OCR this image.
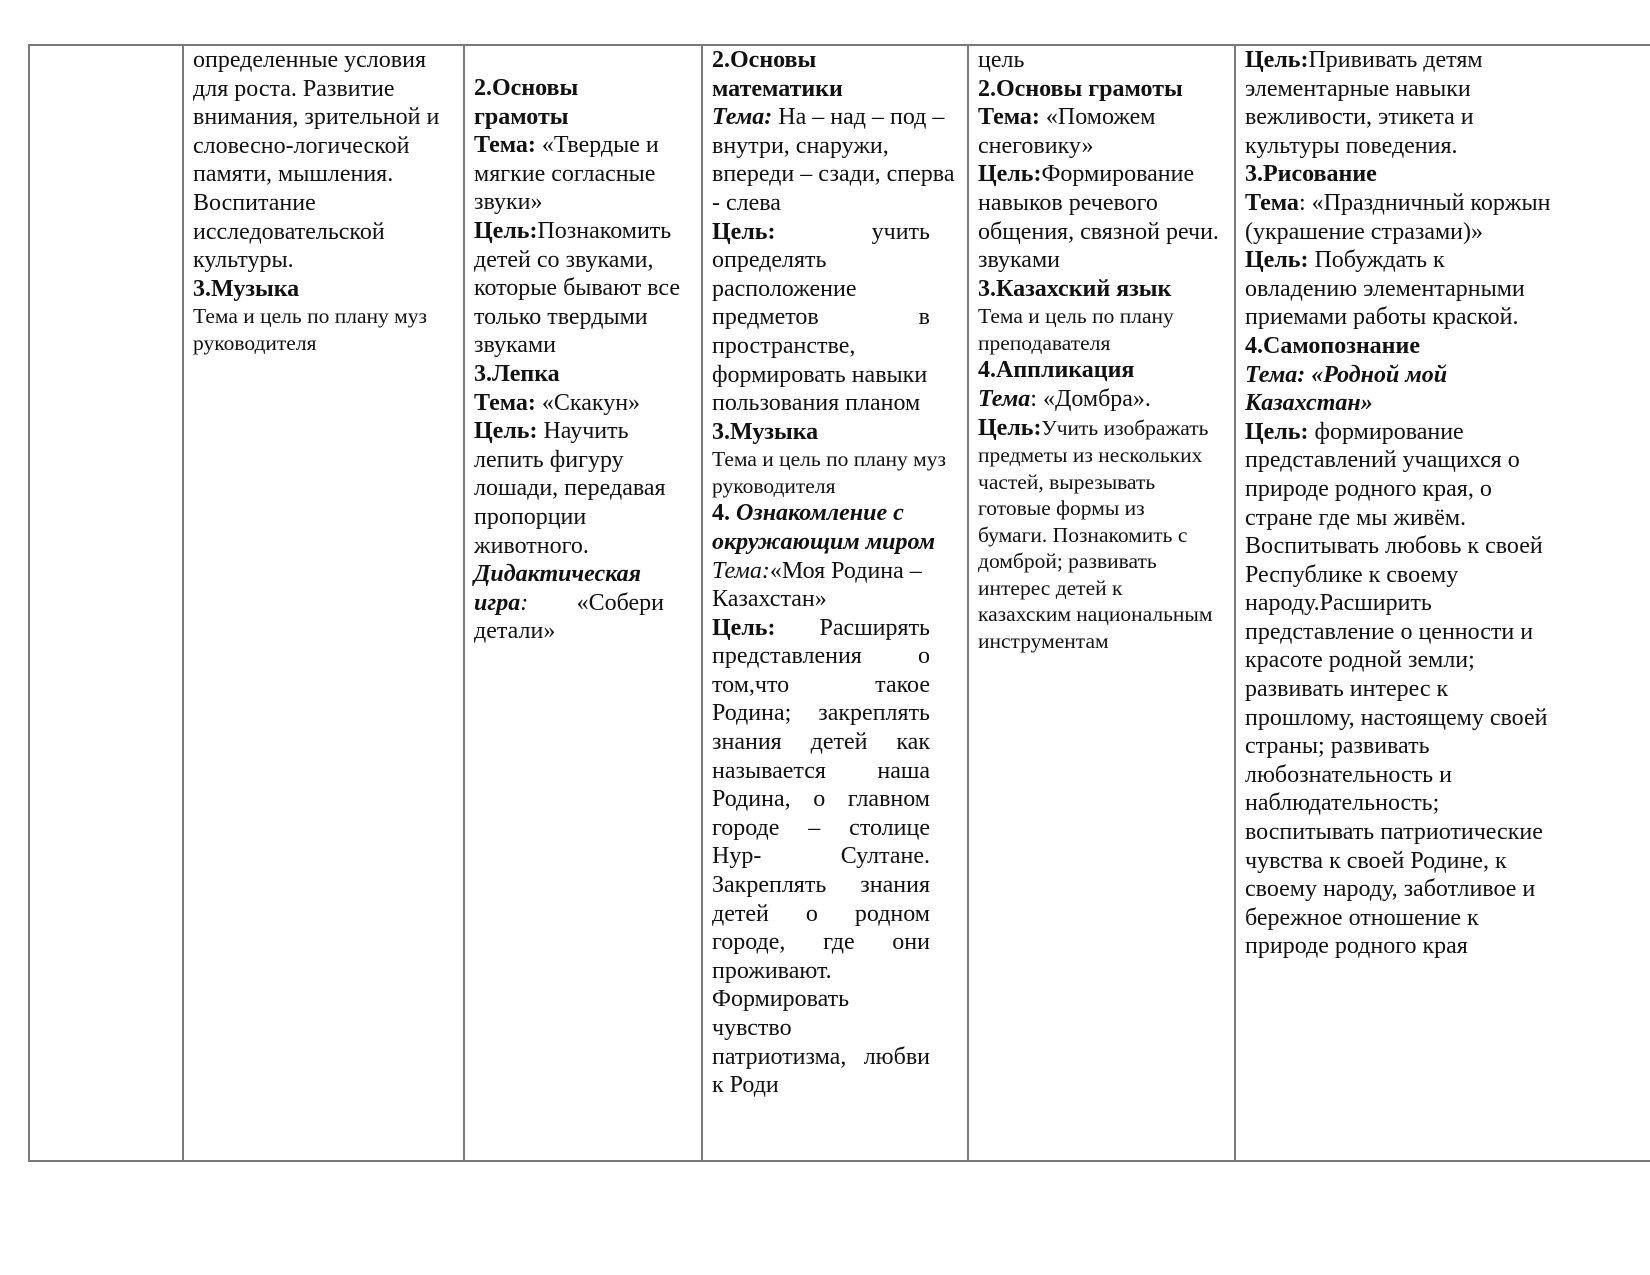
определенные условия

для роста. Развитие

внимания, зрительной и

словесно-логической

памяти, мышления.

Воспитание

исследовательской

культуры.

3.Музыка

Тема и цель по плану муз

руководителя

2.Основы

грамоты

Тема: «Твердые и

мягкие согласные

звуки»

Цель:Познакомить

детей со звуками,

которые бывают все

только твердыми

звуками

3.Лепка

Тема: «Скакун»

Цель: Научить

лепить фигуру

лошади, передавая

пропорции

животного.

Дидактическая

игра: «Собери

детали»

2.Основы

математики

Тема: На – над – под –

внутри, снаружи,

впереди – сзади, сперва

- слева

Цель:	учить

определять

расположение

предметов	в

пространстве,

формировать навыки

пользования планом

3.Музыка

Тема и цель по плану муз

руководителя

4. Ознакомление с

окружающим миром

Тема:«Моя Родина –

Казахстан»

Цель: Расширять

представления о

том,что такое

Родина; закреплять

знания детей как

называется наша

Родина, о главном

городе – столице

Нур- Султане.

Закреплять знания

детей о родном

городе, где они

проживают.

Формировать

чувство

патриотизма, любви

к Роди

цель

2.Основы грамоты

Тема: «Поможем

снеговику»

Цель:Формирование

навыков речевого

общения, связной речи.

звуками

3.Казахский язык

Тема и цель по плану

преподавателя

4.Аппликация

Тема: «Домбра».

Цель:Учить изображать

предметы из нескольких

частей, вырезывать

готовые формы из

бумаги. Познакомить с

домброй; развивать

интерес детей к

казахским национальным

инструментам

Цель:Прививать детям

элементарные навыки

вежливости, этикета и

культуры поведения.

3.Рисование

Тема: «Праздничный коржын

(украшение стразами)»

Цель: Побуждать к

овладению элементарными

приемами работы краской.

4.Самопознание

Тема: «Родной мой

Казахстан»

Цель: формирование

представлений учащихся о

природе родного края, о

стране где мы живём.

Воспитывать любовь к своей

Республике к своему

народу.Расширить

представление о ценности и

красоте родной земли;

развивать интерес к

прошлому, настоящему своей

страны; развивать

любознательность и

наблюдательность;

воспитывать патриотические

чувства к своей Родине, к

своему народу, заботливое и

бережное отношение к

природе родного края
